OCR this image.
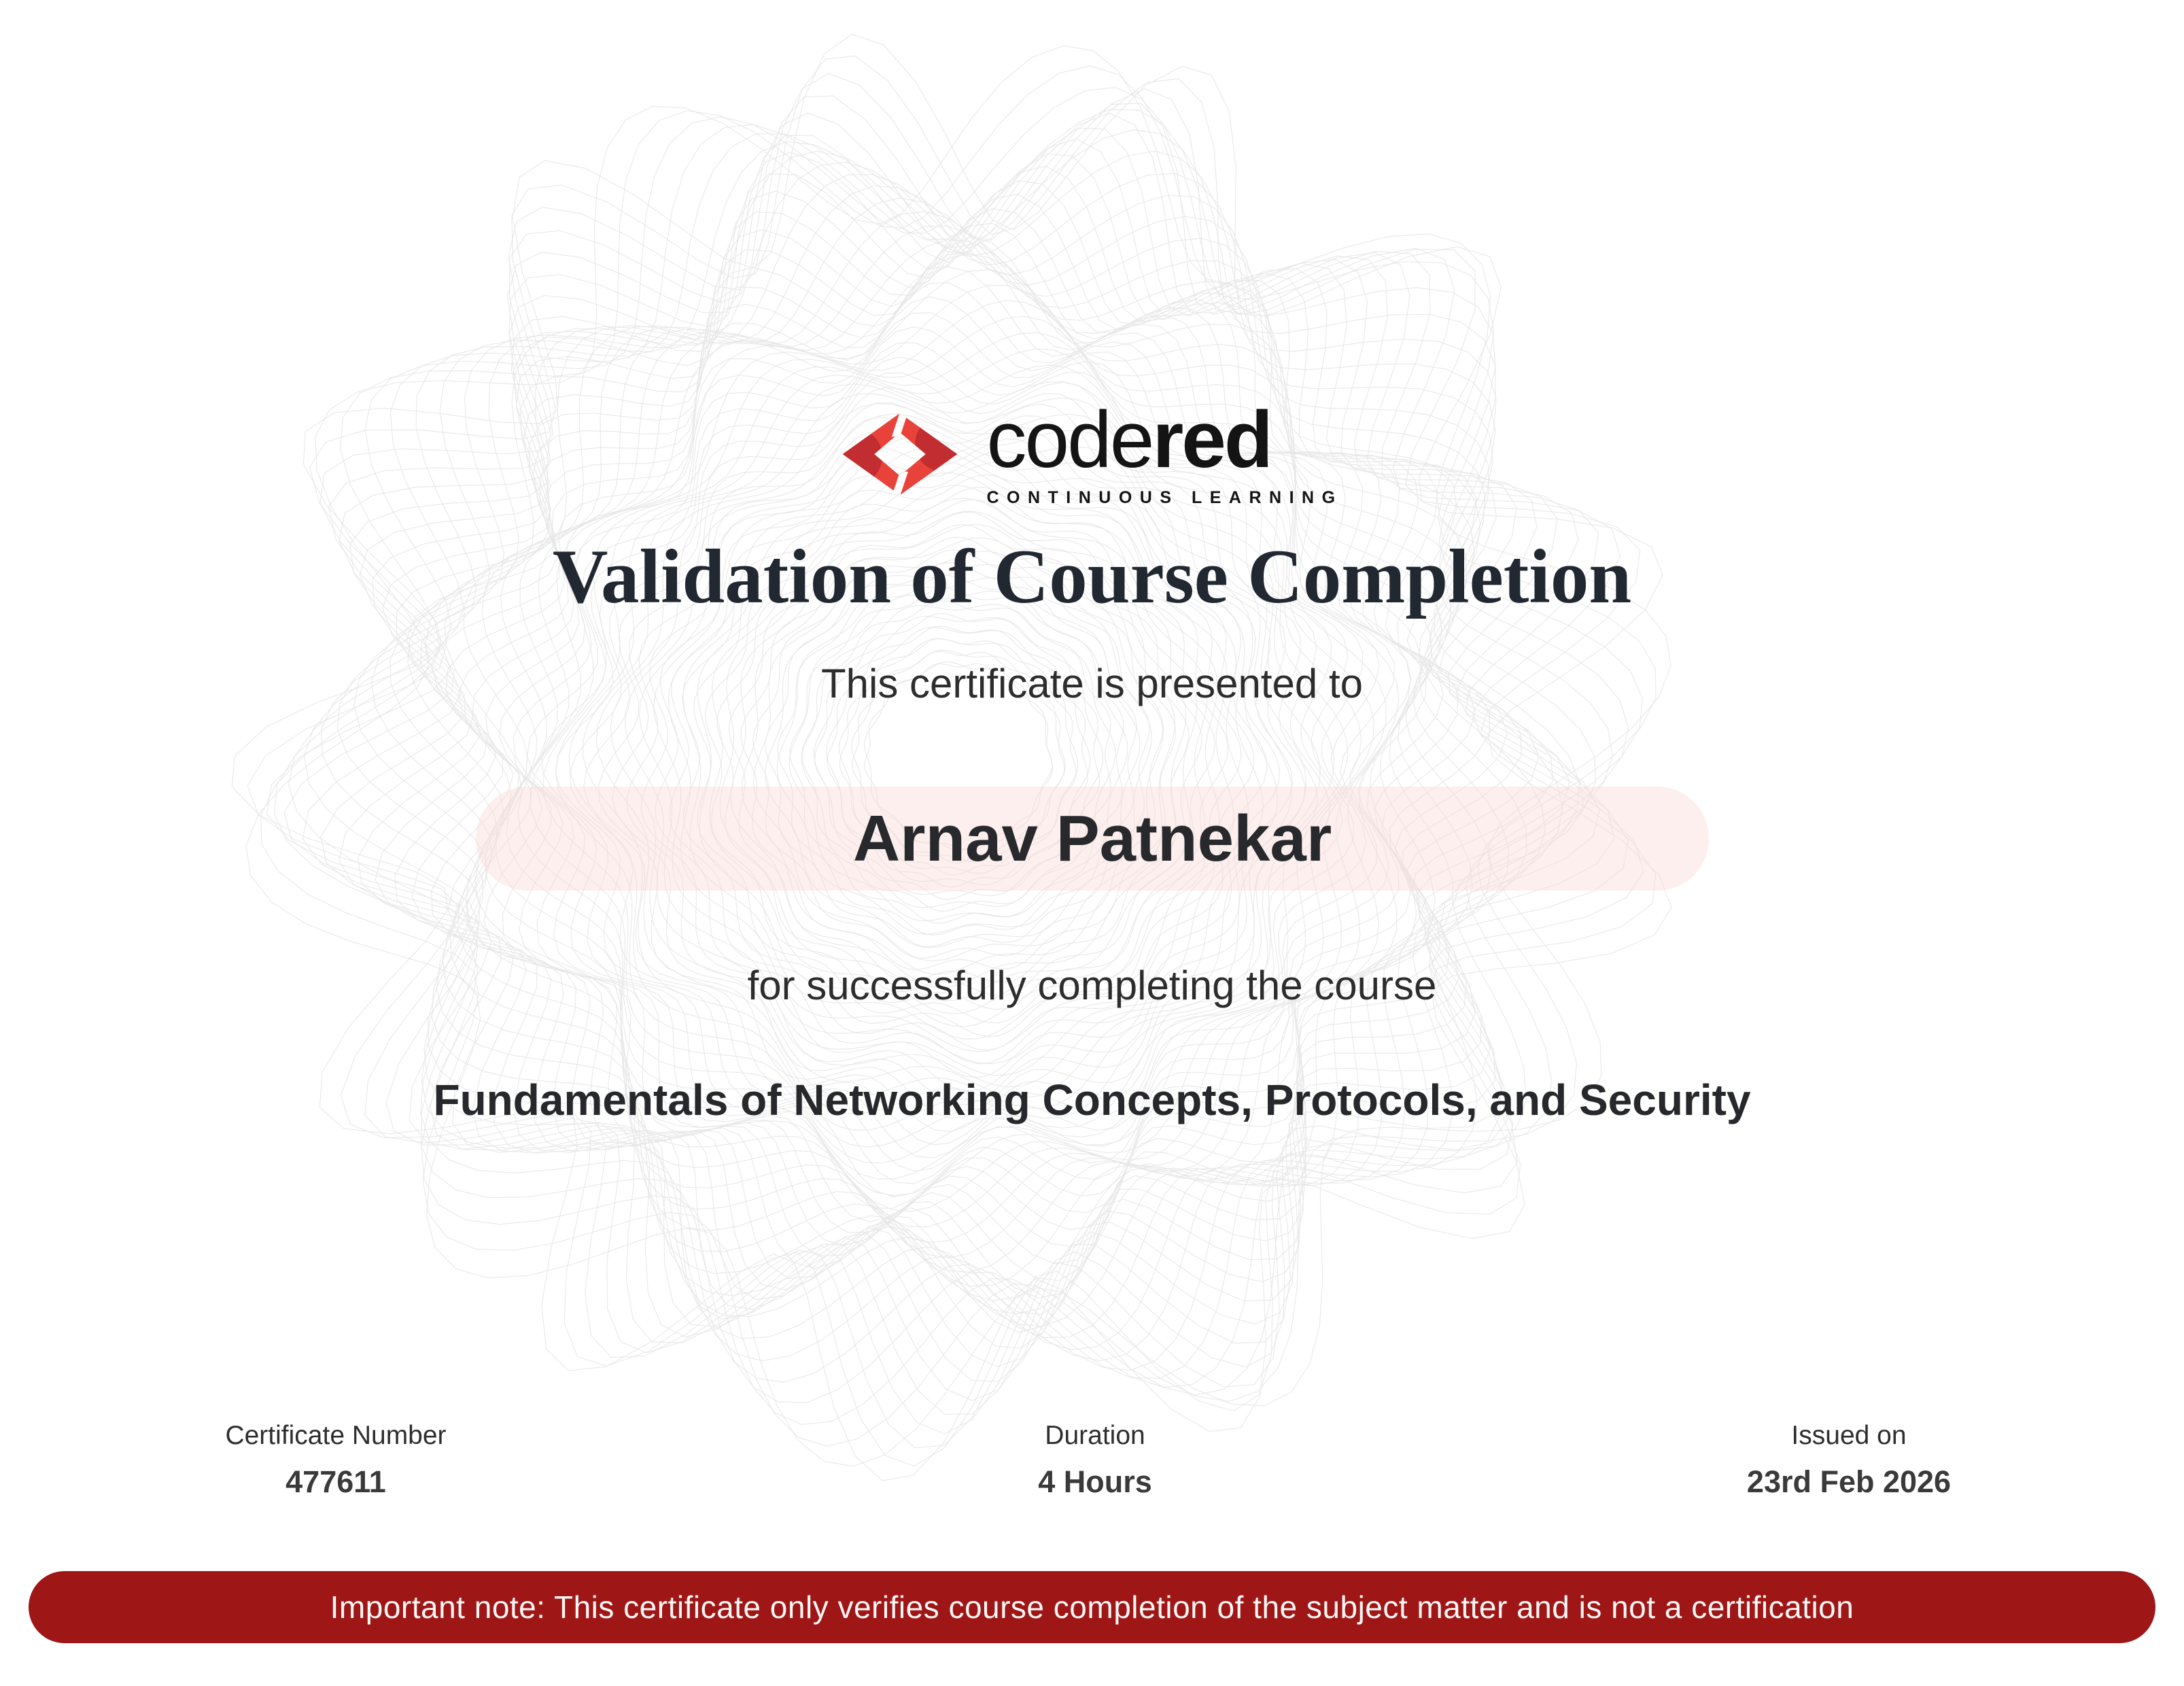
codered
CONTINUOUS LEARNING
Validation of Course Completion

This certificate is presented to

Arnav Patnekar

for successfully completing the course

Fundamentals of Networking Concepts, Protocols, and Security
Certificate Number
477611
Duration
4 Hours
Issued on
23rd Feb 2026
Important note: This certificate only verifies course completion of the subject matter and is not a certification
